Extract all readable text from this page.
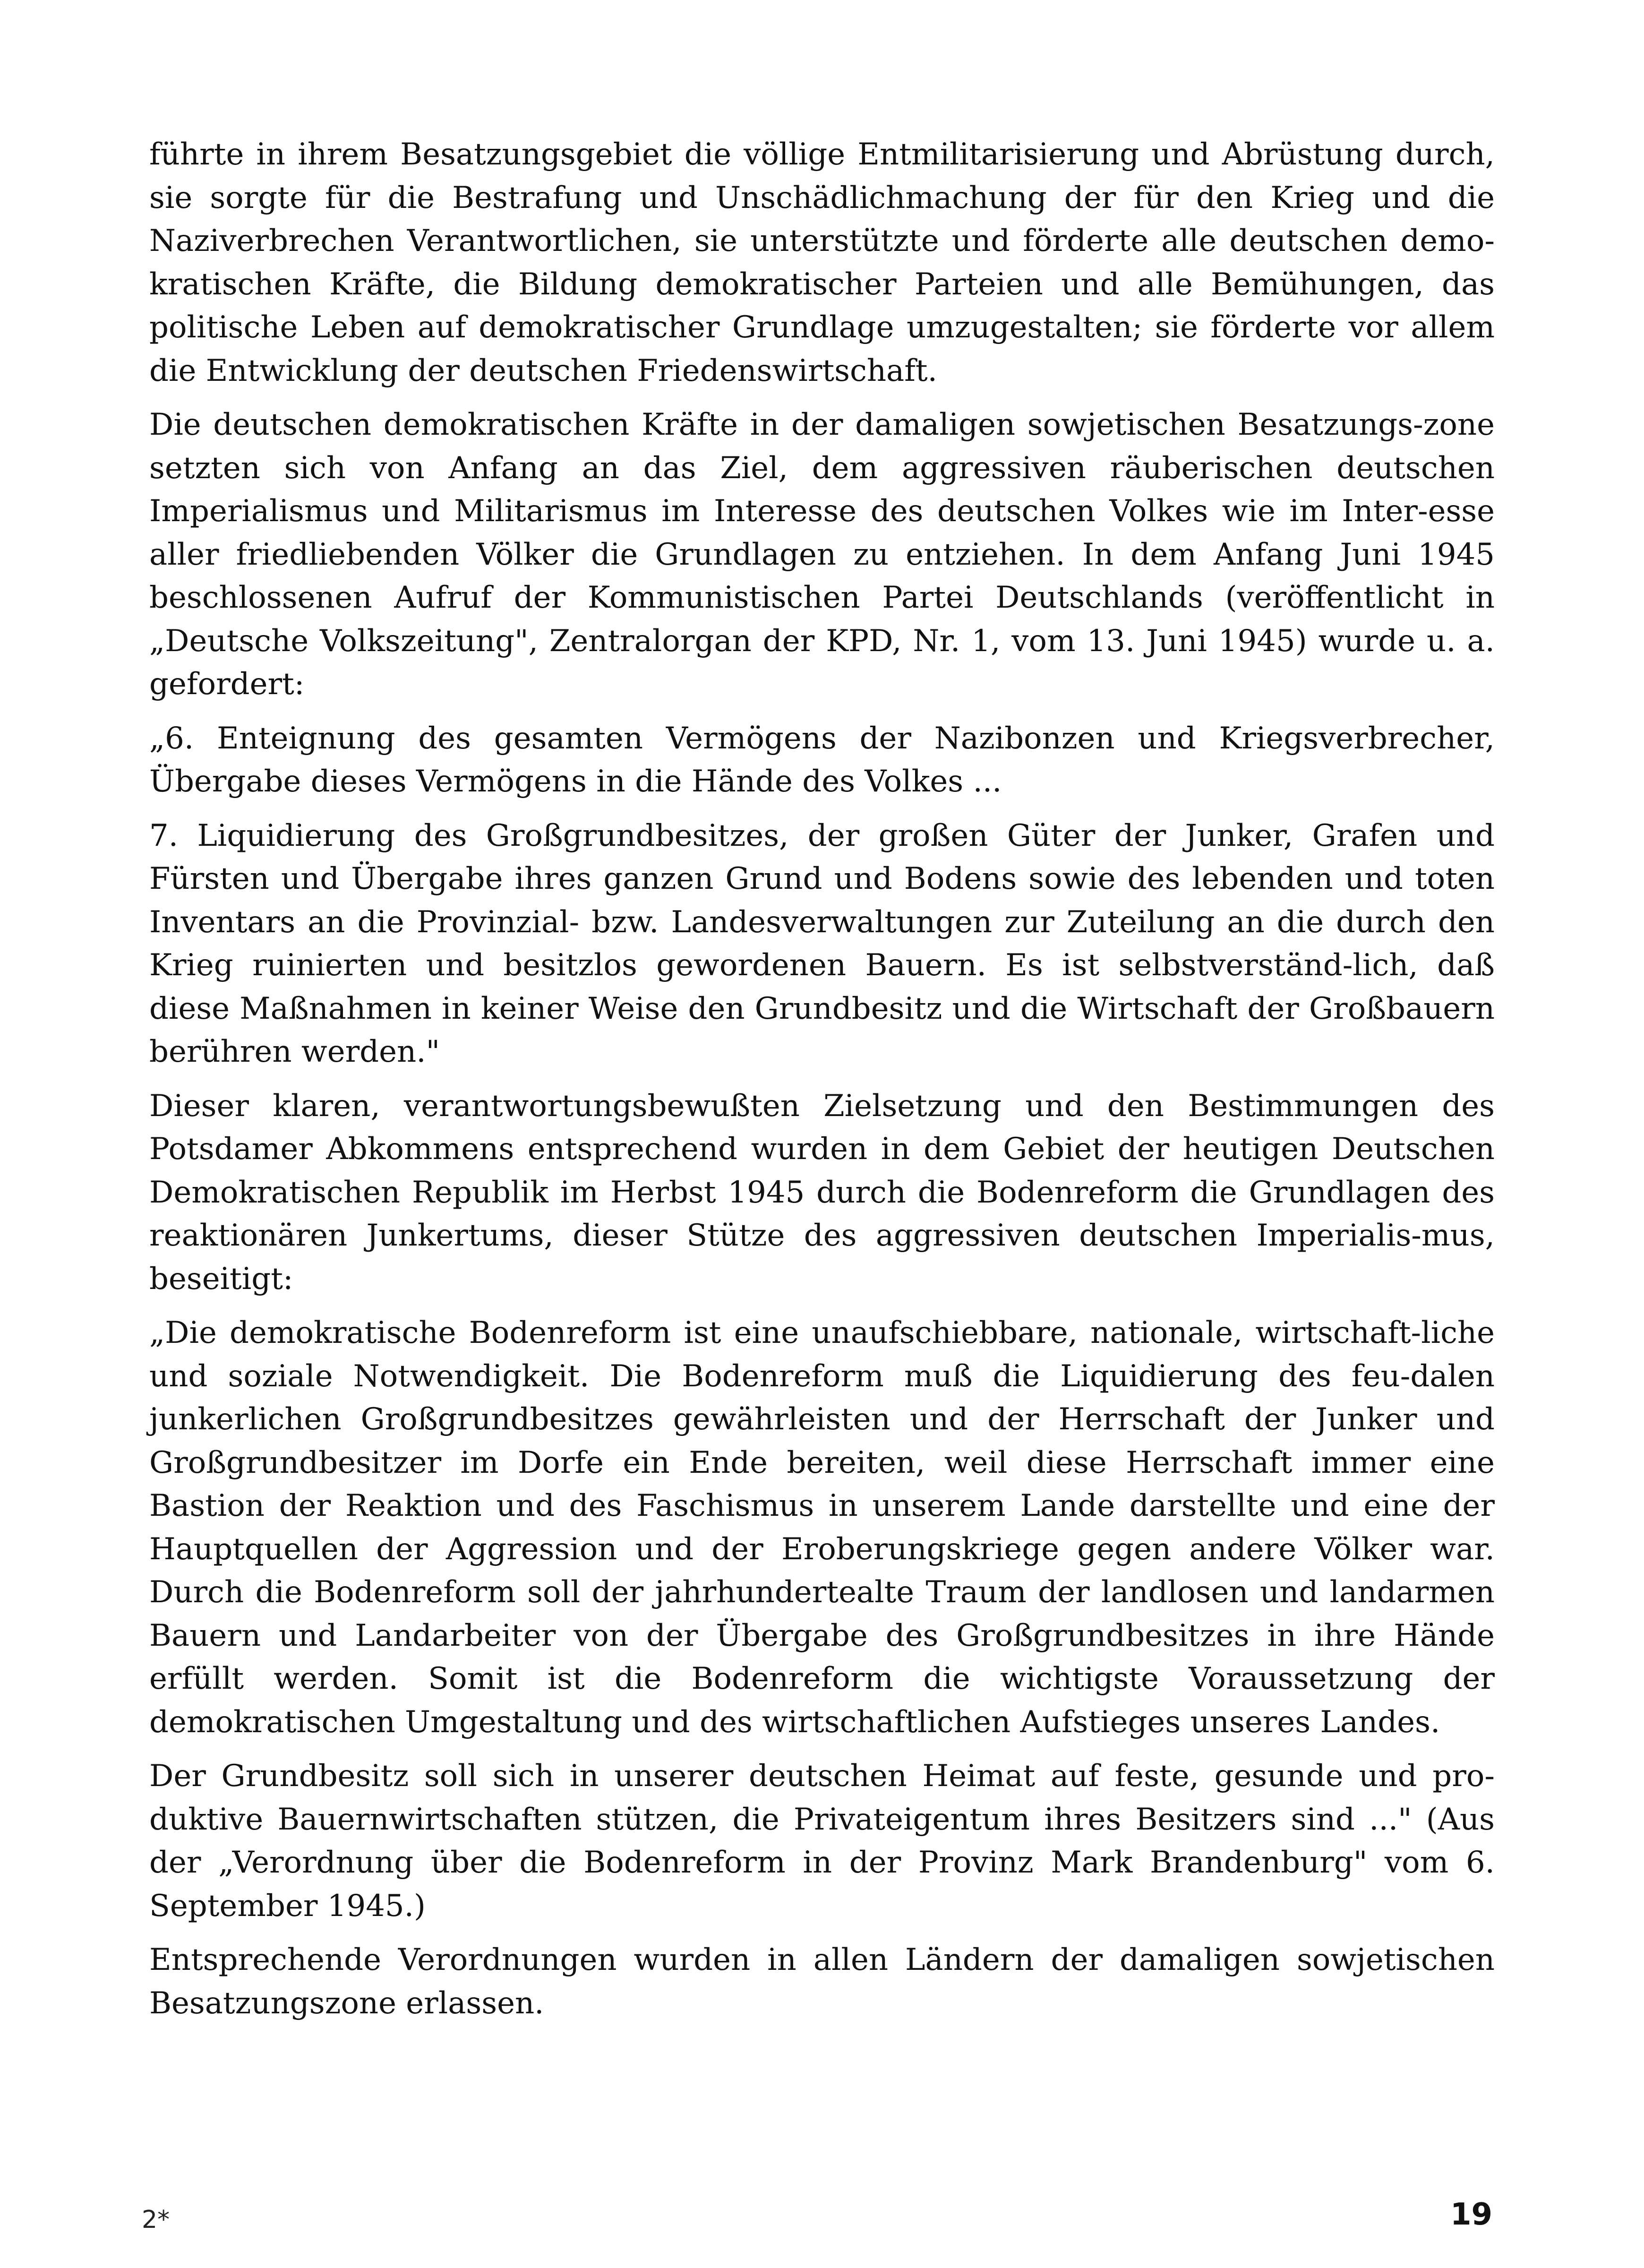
führte in ihrem Besatzungsgebiet die völlige Entmilitarisierung und Abrüstung durch, sie sorgte für die Bestrafung und Unschädlichmachung der für den Krieg und die Naziverbrechen Verantwortlichen, sie unterstützte und förderte alle deutschen demo-kratischen Kräfte, die Bildung demokratischer Parteien und alle Bemühungen, das politische Leben auf demokratischer Grundlage umzugestalten; sie förderte vor allem die Entwicklung der deutschen Friedenswirtschaft.

Die deutschen demokratischen Kräfte in der damaligen sowjetischen Besatzungs-zone setzten sich von Anfang an das Ziel, dem aggressiven räuberischen deutschen Imperialismus und Militarismus im Interesse des deutschen Volkes wie im Inter-esse aller friedliebenden Völker die Grundlagen zu entziehen. In dem Anfang Juni 1945 beschlossenen Aufruf der Kommunistischen Partei Deutschlands (veröffentlicht in „Deutsche Volkszeitung", Zentralorgan der KPD, Nr. 1, vom 13. Juni 1945) wurde u. a. gefordert:

„6. Enteignung des gesamten Vermögens der Nazibonzen und Kriegsverbrecher, Übergabe dieses Vermögens in die Hände des Volkes ...

7. Liquidierung des Großgrundbesitzes, der großen Güter der Junker, Grafen und Fürsten und Übergabe ihres ganzen Grund und Bodens sowie des lebenden und toten Inventars an die Provinzial- bzw. Landesverwaltungen zur Zuteilung an die durch den Krieg ruinierten und besitzlos gewordenen Bauern. Es ist selbstverständ-lich, daß diese Maßnahmen in keiner Weise den Grundbesitz und die Wirtschaft der Großbauern berühren werden."

Dieser klaren, verantwortungsbewußten Zielsetzung und den Bestimmungen des Potsdamer Abkommens entsprechend wurden in dem Gebiet der heutigen Deutschen Demokratischen Republik im Herbst 1945 durch die Bodenreform die Grundlagen des reaktionären Junkertums, dieser Stütze des aggressiven deutschen Imperialis-mus, beseitigt:

„Die demokratische Bodenreform ist eine unaufschiebbare, nationale, wirtschaft-liche und soziale Notwendigkeit. Die Bodenreform muß die Liquidierung des feu-dalen junkerlichen Großgrundbesitzes gewährleisten und der Herrschaft der Junker und Großgrundbesitzer im Dorfe ein Ende bereiten, weil diese Herrschaft immer eine Bastion der Reaktion und des Faschismus in unserem Lande darstellte und eine der Hauptquellen der Aggression und der Eroberungskriege gegen andere Völker war. Durch die Bodenreform soll der jahrhundertealte Traum der landlosen und landarmen Bauern und Landarbeiter von der Übergabe des Großgrundbesitzes in ihre Hände erfüllt werden. Somit ist die Bodenreform die wichtigste Voraussetzung der demokratischen Umgestaltung und des wirtschaftlichen Aufstieges unseres Landes.

Der Grundbesitz soll sich in unserer deutschen Heimat auf feste, gesunde und pro-duktive Bauernwirtschaften stützen, die Privateigentum ihres Besitzers sind ..." (Aus der „Verordnung über die Bodenreform in der Provinz Mark Brandenburg" vom 6. September 1945.)

Entsprechende Verordnungen wurden in allen Ländern der damaligen sowjetischen Besatzungszone erlassen.

2*	19
